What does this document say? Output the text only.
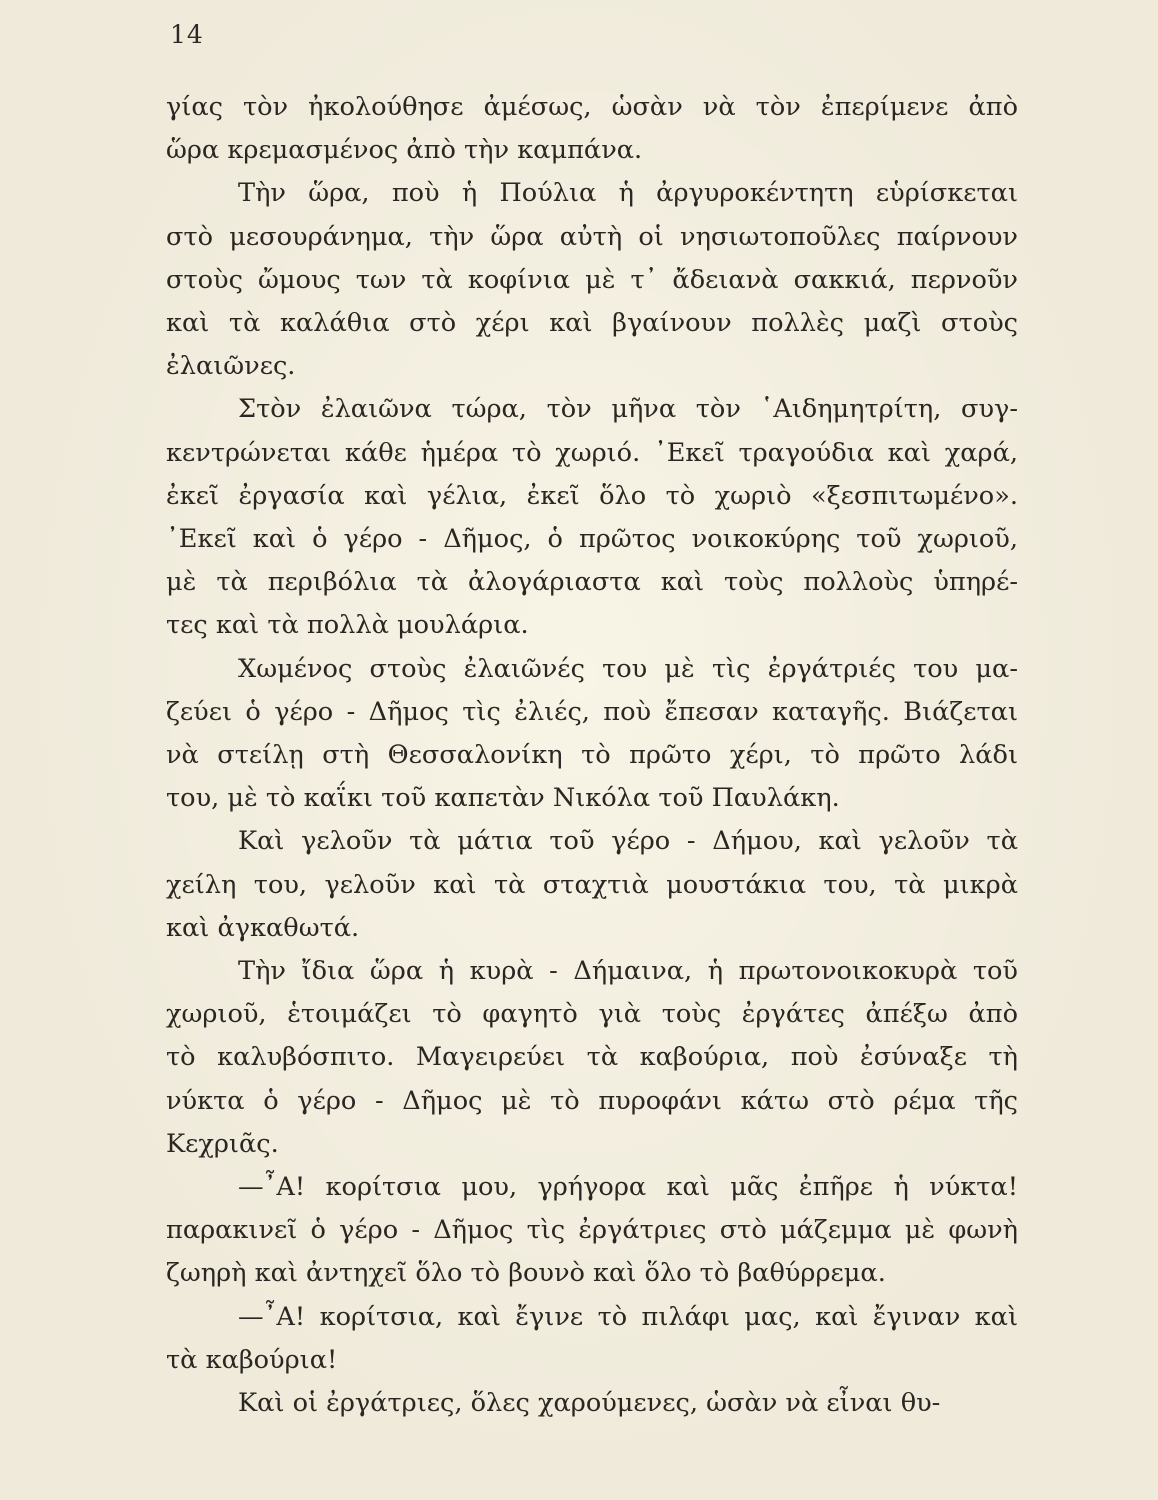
14

γίας τὸν ἠκολούθησε ἀμέσως, ὡσὰν νὰ τὸν ἐπερίμενε ἀπὸ
ὥρα κρεμασμένος ἀπὸ τὴν καμπάνα.

Τὴν ὥρα, ποὺ ἡ Πούλια ἡ ἀργυροκέντητη εὑρίσκεται
στὸ μεσουράνημα, τὴν ὥρα αὐτὴ οἱ νησιωτοποῦλες παίρνουν
στοὺς ὤμους των τὰ κοφίνια μὲ τ᾿ ἄδειανὰ σακκιά, περνοῦν
καὶ τὰ καλάθια στὸ χέρι καὶ βγαίνουν πολλὲς μαζὶ στοὺς
ἐλαιῶνες.

Στὸν ἐλαιῶνα τώρα, τὸν μῆνα τὸν ῾Αιδημητρίτη, συγ-
κεντρώνεται κάθε ἡμέρα τὸ χωριό. ᾿Εκεῖ τραγούδια καὶ χαρά,
ἐκεῖ ἐργασία καὶ γέλια, ἐκεῖ ὅλο τὸ χωριὸ «ξεσπιτωμένο».
᾿Εκεῖ καὶ ὁ γέρο - Δῆμος, ὁ πρῶτος νοικοκύρης τοῦ χωριοῦ,
μὲ τὰ περιβόλια τὰ ἀλογάριαστα καὶ τοὺς πολλοὺς ὑπηρέ-
τες καὶ τὰ πολλὰ μουλάρια.

Χωμένος στοὺς ἐλαιῶνές του μὲ τὶς ἐργάτριές του μα-
ζεύει ὁ γέρο - Δῆμος τὶς ἐλιές, ποὺ ἔπεσαν καταγῆς. Βιάζεται
νὰ στείλῃ στὴ Θεσσαλονίκη τὸ πρῶτο χέρι, τὸ πρῶτο λάδι
του, μὲ τὸ καΐκι τοῦ καπετὰν Νικόλα τοῦ Παυλάκη.

Καὶ γελοῦν τὰ μάτια τοῦ γέρο - Δήμου, καὶ γελοῦν τὰ
χείλη του, γελοῦν καὶ τὰ σταχτιὰ μουστάκια του, τὰ μικρὰ
καὶ ἀγκαθωτά.

Τὴν ἴδια ὥρα ἡ κυρὰ - Δήμαινα, ἡ πρωτονοικοκυρὰ τοῦ
χωριοῦ, ἑτοιμάζει τὸ φαγητὸ γιὰ τοὺς ἐργάτες ἀπέξω ἀπὸ
τὸ καλυβόσπιτο. Μαγειρεύει τὰ καβούρια, ποὺ ἐσύναξε τὴ
νύκτα ὁ γέρο - Δῆμος μὲ τὸ πυροφάνι κάτω στὸ ρέμα τῆς
Κεχριᾶς.

—῏Α! κορίτσια μου, γρήγορα καὶ μᾶς ἐπῆρε ἡ νύκτα!
παρακινεῖ ὁ γέρο - Δῆμος τὶς ἐργάτριες στὸ μάζεμμα μὲ φωνὴ
ζωηρὴ καὶ ἀντηχεῖ ὅλο τὸ βουνὸ καὶ ὅλο τὸ βαθύρρεμα.

—῏Α! κορίτσια, καὶ ἔγινε τὸ πιλάφι μας, καὶ ἔγιναν καὶ
τὰ καβούρια!

Καὶ οἱ ἐργάτριες, ὅλες χαρούμενες, ὡσὰν νὰ εἶναι θυ-
